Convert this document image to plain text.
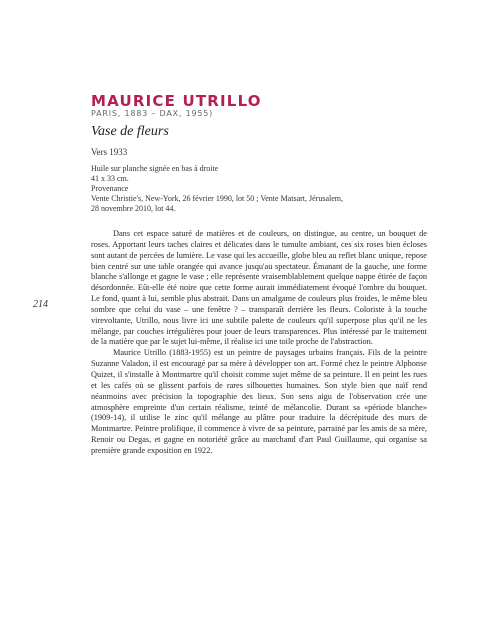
MAURICE UTRILLO
PARIS, 1883 – DAX, 1955)
Vase de fleurs
Vers 1933
Huile sur planche signée en bas à droite
41 x 33 cm.
Provenance
Vente Christie's, New-York, 26 février 1990, lot 50 ; Vente Matsart, Jérusalem,
28 novembre 2010, lot 44.
214

Dans cet espace saturé de matières et de couleurs, on distingue, au centre, un bouquet de roses. Apportant leurs taches claires et délicates dans le tumulte ambiant, ces six roses bien écloses sont autant de percées de lumière. Le vase qui les accueille, globe bleu au reflet blanc unique, repose bien centré sur une table orangée qui avance jusqu'au spectateur. Émanant de la gauche, une forme blanche s'allonge et gagne le vase ; elle représente vraisemblablement quelque nappe étirée de façon désordonnée. Eût-elle été noire que cette forme aurait immédiatement évoqué l'ombre du bouquet. Le fond, quant à lui, semble plus abstrait. Dans un amalgame de couleurs plus froides, le même bleu sombre que celui du vase – une fenêtre ? – transparaît derrière les fleurs. Coloriste à la touche virevoltante, Utrillo, nous livre ici une subtile palette de couleurs qu'il superpose plus qu'il ne les mélange, par couches irrégulières pour jouer de leurs transparences. Plus intéressé par le traitement de la matière que par le sujet lui-même, il réalise ici une toile proche de l'abstraction.

Maurice Utrillo (1883-1955) est un peintre de paysages urbains français. Fils de la peintre Suzanne Valadon, il est encouragé par sa mère à développer son art. Formé chez le peintre Alphonse Quizet, il s'installe à Montmartre qu'il choisit comme sujet même de sa peinture. Il en peint les rues et les cafés où se glissent parfois de rares silhouettes humaines. Son style bien que naïf rend néanmoins avec précision la topographie des lieux. Son sens aigu de l'observation crée une atmosphère empreinte d'un certain réalisme, teinté de mélancolie. Durant sa «période blanche» (1909-14), il utilise le zinc qu'il mélange au plâtre pour traduire la décrépitude des murs de Montmartre. Peintre prolifique, il commence à vivre de sa peinture, parrainé par les amis de sa mère, Renoir ou Degas, et gagne en notoriété grâce au marchand d'art Paul Guillaume, qui organise sa première grande exposition en 1922.
